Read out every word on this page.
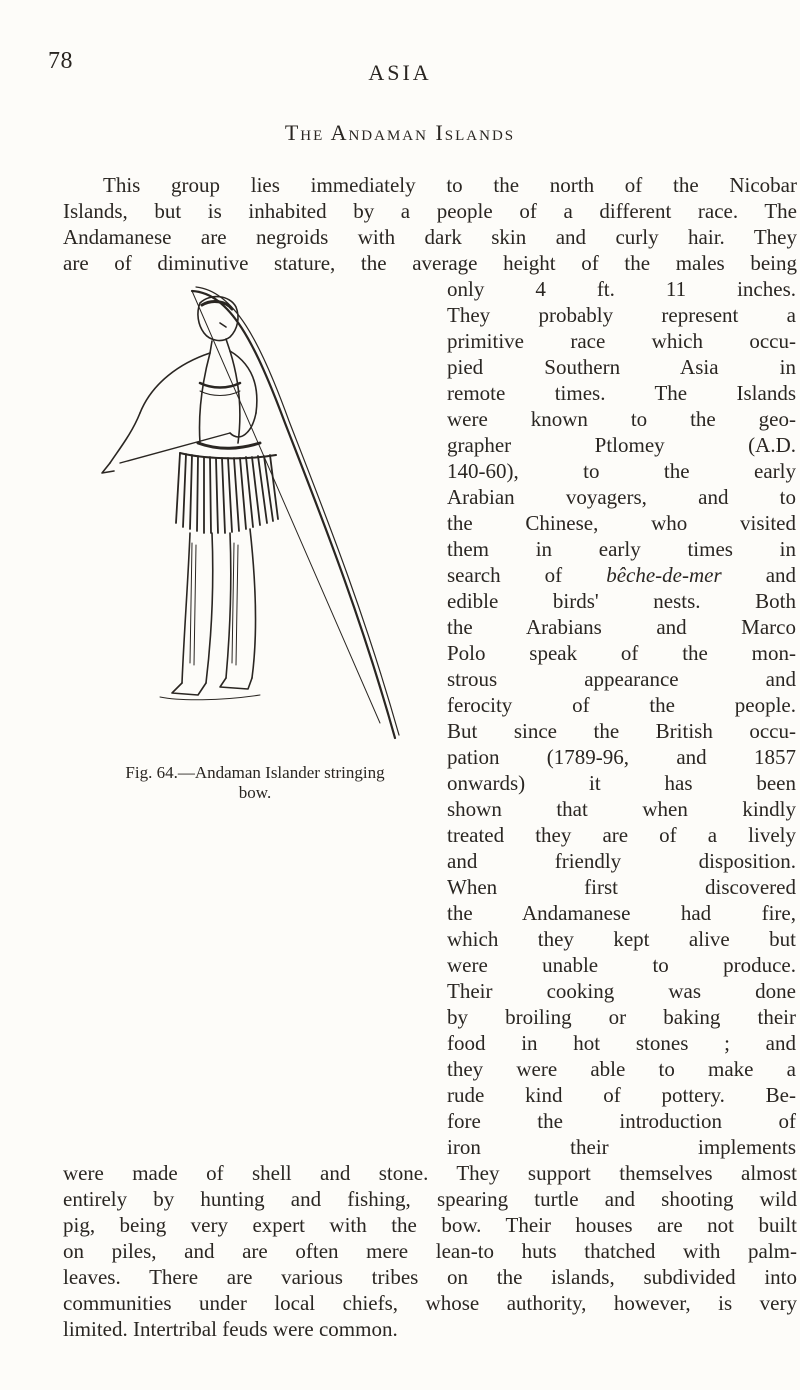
78	ASIA
The Andaman Islands
This group lies immediately to the north of the Nicobar
Islands, but is inhabited by a people of a different race. The
Andamanese are negroids with dark skin and curly hair. They
are of diminutive stature, the average height of the males being
only 4 ft. 11 inches.
They probably represent a
primitive race which occu-
pied Southern Asia in
remote times. The Islands
were known to the geo-
grapher Ptlomey (A.D.
140-60), to the early
Arabian voyagers, and to
the Chinese, who visited
them in early times in
search of bêche-de-mer and
edible birds' nests. Both
the Arabians and Marco
Polo speak of the mon-
strous appearance and
ferocity of the people.
But since the British occu-
pation (1789-96, and 1857
onwards) it has been
shown that when kindly
treated they are of a lively
and friendly disposition.
When first discovered
the Andamanese had fire,
which they kept alive but
were unable to produce.
Their cooking was done
by broiling or baking their
food in hot stones ; and
they were able to make a
rude kind of pottery. Be-
fore the introduction of
iron their implements
were made of shell and stone. They support themselves almost
entirely by hunting and fishing, spearing turtle and shooting wild
pig, being very expert with the bow. Their houses are not built
on piles, and are often mere lean-to huts thatched with palm-
leaves. There are various tribes on the islands, subdivided into
communities under local chiefs, whose authority, however, is very
limited. Intertribal feuds were common.
Fig. 64.—Andaman Islander stringing
bow.
